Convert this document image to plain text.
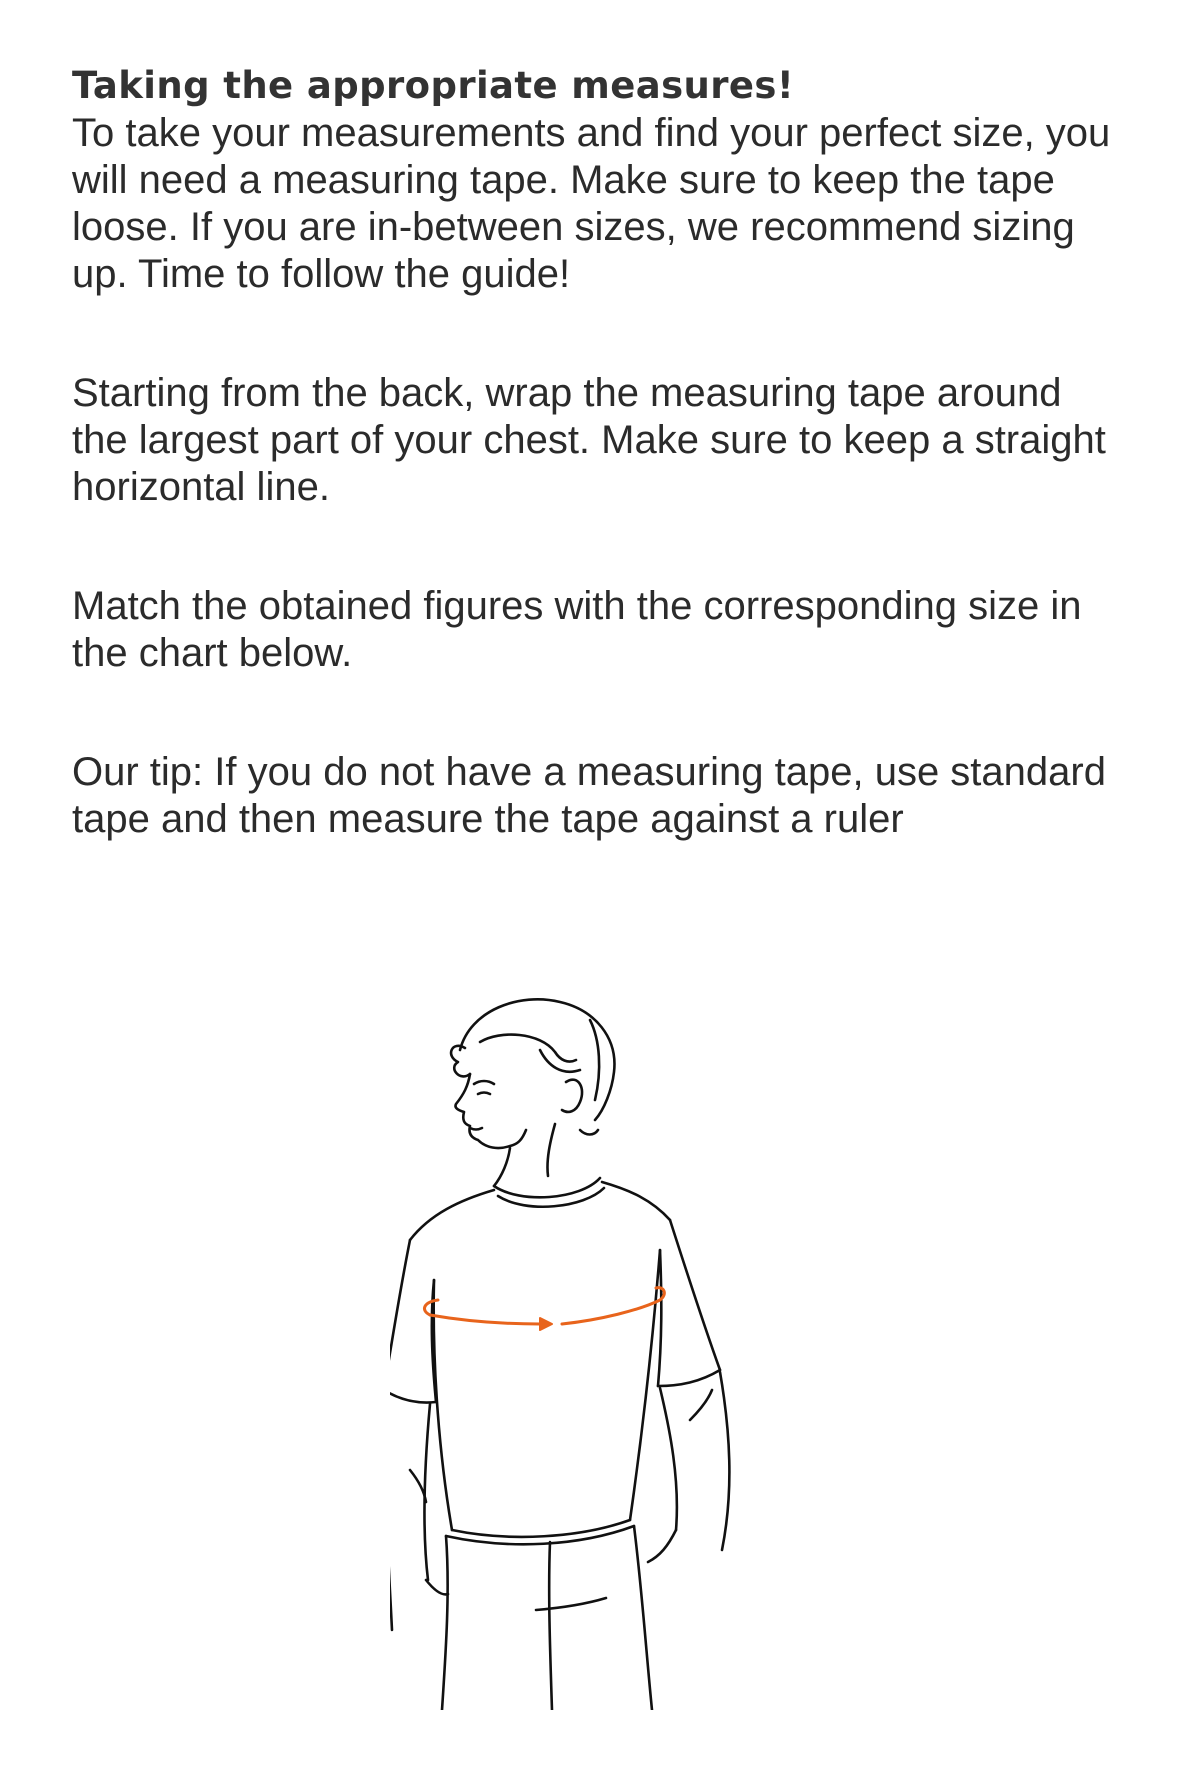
Taking the appropriate measures!

To take your measurements and find your perfect size, you will need a measuring tape. Make sure to keep the tape loose. If you are in-between sizes, we recommend sizing up. Time to follow the guide!

Starting from the back, wrap the measuring tape around the largest part of your chest. Make sure to keep a straight horizontal line.

Match the obtained figures with the corresponding size in the chart below.

Our tip: If you do not have a measuring tape, use standard tape and then measure the tape against a ruler
